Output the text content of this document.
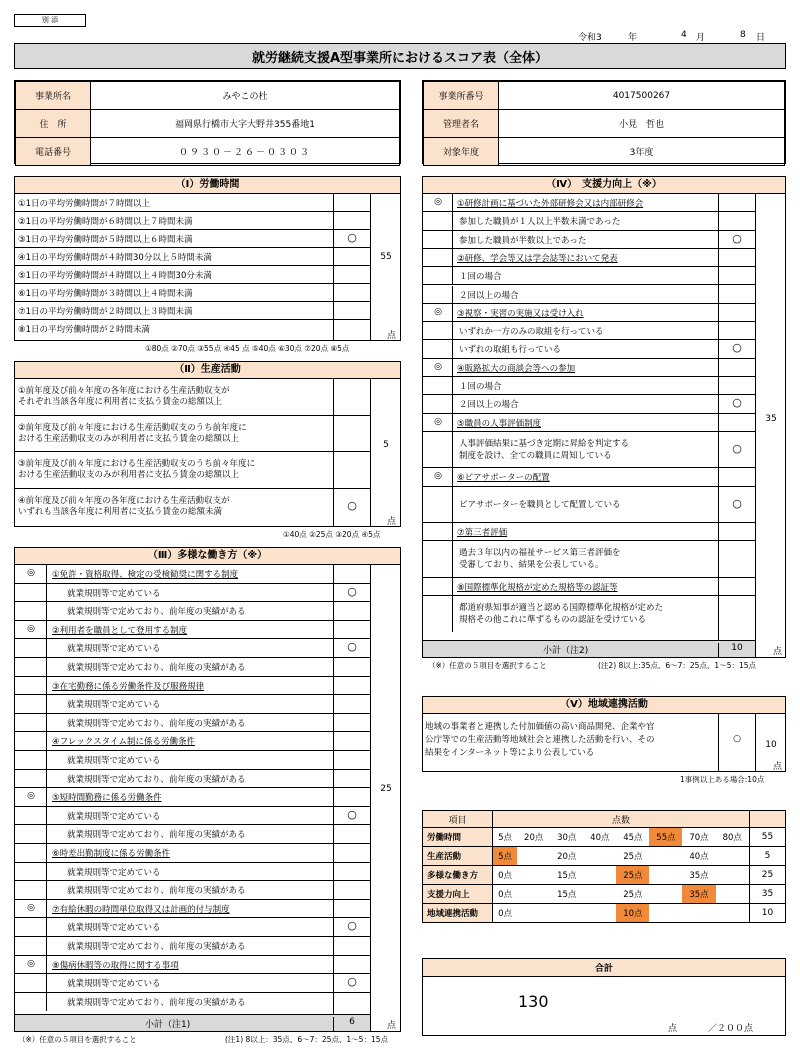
別 添
令和3	年	4 月	8 日
就労継続支援A型事業所におけるスコア表（全体）
事業所名	みやこの杜
住　所	福岡県行橋市大字大野井355番地1
電話番号	０９３０－２６－０３０３
事業所番号	4017500267
管理者名	小見　哲也
対象年度	3年度
（Ⅰ）労働時間
①1日の平均労働時間が７時間以上
②1日の平均労働時間が６時間以上７時間未満
③1日の平均労働時間が５時間以上６時間未満	○
④1日の平均労働時間が４時間30分以上５時間未満
⑤1日の平均労働時間が４時間以上４時間30分未満
⑥1日の平均労働時間が３時間以上４時間未満
⑦1日の平均労働時間が２時間以上３時間未満
⑧1日の平均労働時間が２時間未満
55
点
①80点 ②70点 ③55点 ④45 点 ⑤40点 ⑥30点 ⑦20点 ⑧5点
（Ⅱ）生産活動
①前年度及び前々年度の各年度における生産活動収支が
それぞれ当該各年度に利用者に支払う賃金の総額以上
②前年度及び前々年度における生産活動収支のうち前年度に
おける生産活動収支のみが利用者に支払う賃金の総額以上
③前年度及び前々年度における生産活動収支のうち前々年度に
おける生産活動収支のみが利用者に支払う賃金の総額以上
④前年度及び前々年度の各年度における生産活動収支が
いずれも当該各年度に利用者に支払う賃金の総額未満	○
5
点
①40点 ②25点 ③20点 ④5点
（Ⅲ）多様な働き方（※）
◎	①免許・資格取得、検定の受検勧奨に関する制度
就業規則等で定めている	○
就業規則等で定めており、前年度の実績がある
◎	②利用者を職員として登用する制度
就業規則等で定めている	○
就業規則等で定めており、前年度の実績がある
③在宅勤務に係る労働条件及び服務規律
就業規則等で定めている
就業規則等で定めており、前年度の実績がある
④フレックスタイム制に係る労働条件
就業規則等で定めている
就業規則等で定めており、前年度の実績がある
◎	⑤短時間勤務に係る労働条件
就業規則等で定めている	○
就業規則等で定めており、前年度の実績がある
⑥時差出勤制度に係る労働条件
就業規則等で定めている
就業規則等で定めており、前年度の実績がある
◎	⑦有給休暇の時間単位取得又は計画的付与制度
就業規則等で定めている	○
就業規則等で定めており、前年度の実績がある
◎	⑧傷病休暇等の取得に関する事項
就業規則等で定めている	○
就業規則等で定めており、前年度の実績がある
25
小計（注1)	6	点
（※）任意の５項目を選択すること	(注1) 8以上：35点、6～7：25点、1～5：15点
（Ⅳ）　支援力向上（※）
◎	①研修計画に基づいた外部研修会又は内部研修会
参加した職員が１人以上半数未満であった
参加した職員が半数以上であった	○
②研修、学会等又は学会誌等において発表
１回の場合
２回以上の場合
◎	③視察・実習の実施又は受け入れ
いずれか一方のみの取組を行っている
いずれの取組も行っている	○
◎	④販路拡大の商談会等への参加
１回の場合
２回以上の場合	○
◎	⑤職員の人事評価制度
人事評価結果に基づき定期に昇給を判定する
制度を設け、全ての職員に周知している
○
◎	⑥ピアサポーターの配置
ピアサポーターを職員として配置している	○
⑦第三者評価
過去３年以内の福祉サービス第三者評価を
受審しており、結果を公表している。
⑧国際標準化規格が定めた規格等の認証等
都道府県知事が適当と認める国際標準化規格が定めた
規格その他これに準ずるものの認証を受けている
35
小計（注2)	10	点
（※）任意の５項目を選択すること	(注2) 8以上:35点、6～7：25点、1～5：15点
（Ⅴ）地域連携活動
地域の事業者と連携した付加価値の高い商品開発、企業や官
公庁等での生産活動等地域社会と連携した活動を行い、その
結果をインターネット等により公表している
○
10
点
1事例以上ある場合:10点
項目	点数								
労働時間	5点	20点	30点	40点	45点	55点	70点	80点	55
生産活動	5点		20点		25点		40点		5
多様な働き方	0点		15点		25点		35点		25
支援力向上	0点		15点		25点		35点		35
地域連携活動	0点				10点				10
合計
130
点	／２００点
